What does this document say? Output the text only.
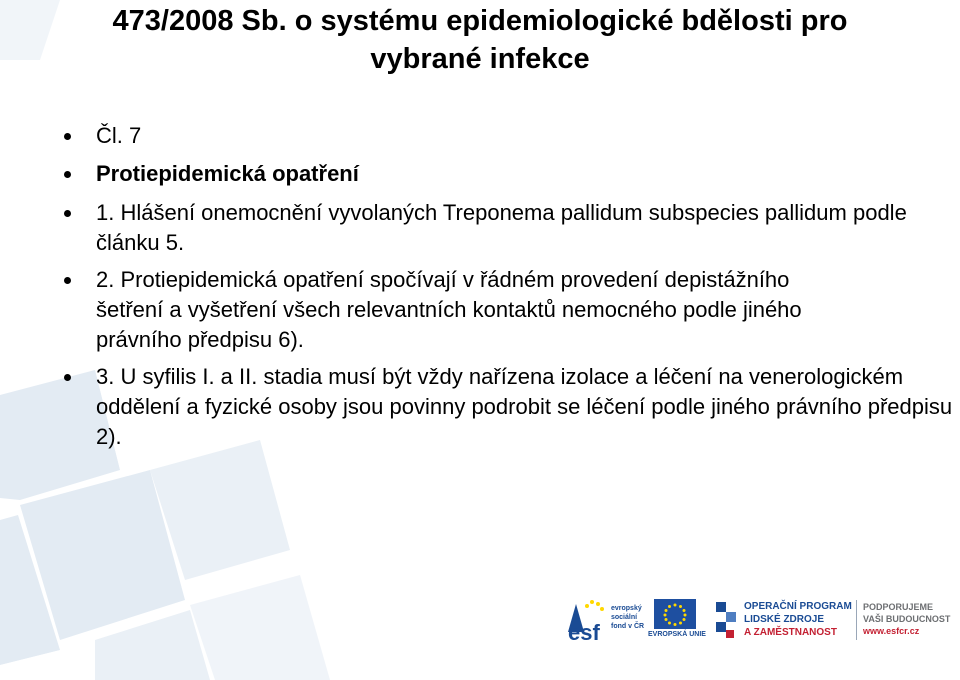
473/2008 Sb. o systému epidemiologické bdělosti pro
vybrané infekce
Čl. 7
Protiepidemická opatření
1. Hlášení onemocnění vyvolaných Treponema pallidum subspecies pallidum podle článku 5.
2. Protiepidemická opatření spočívají v řádném provedení depistážního šetření a vyšetření všech relevantních kontaktů nemocného podle jiného právního předpisu 6).
3. U syfilis I. a II. stadia musí být vždy nařízena izolace a léčení na venerologickém oddělení a fyzické osoby jsou povinny podrobit se léčení podle jiného právního předpisu 2).
esf
evropský
sociální
fond v ČR
EVROPSKÁ UNIE
OPERAČNÍ PROGRAM
LIDSKÉ ZDROJE
A ZAMĚSTNANOST
PODPORUJEME
VAŠI BUDOUCNOST
www.esfcr.cz
